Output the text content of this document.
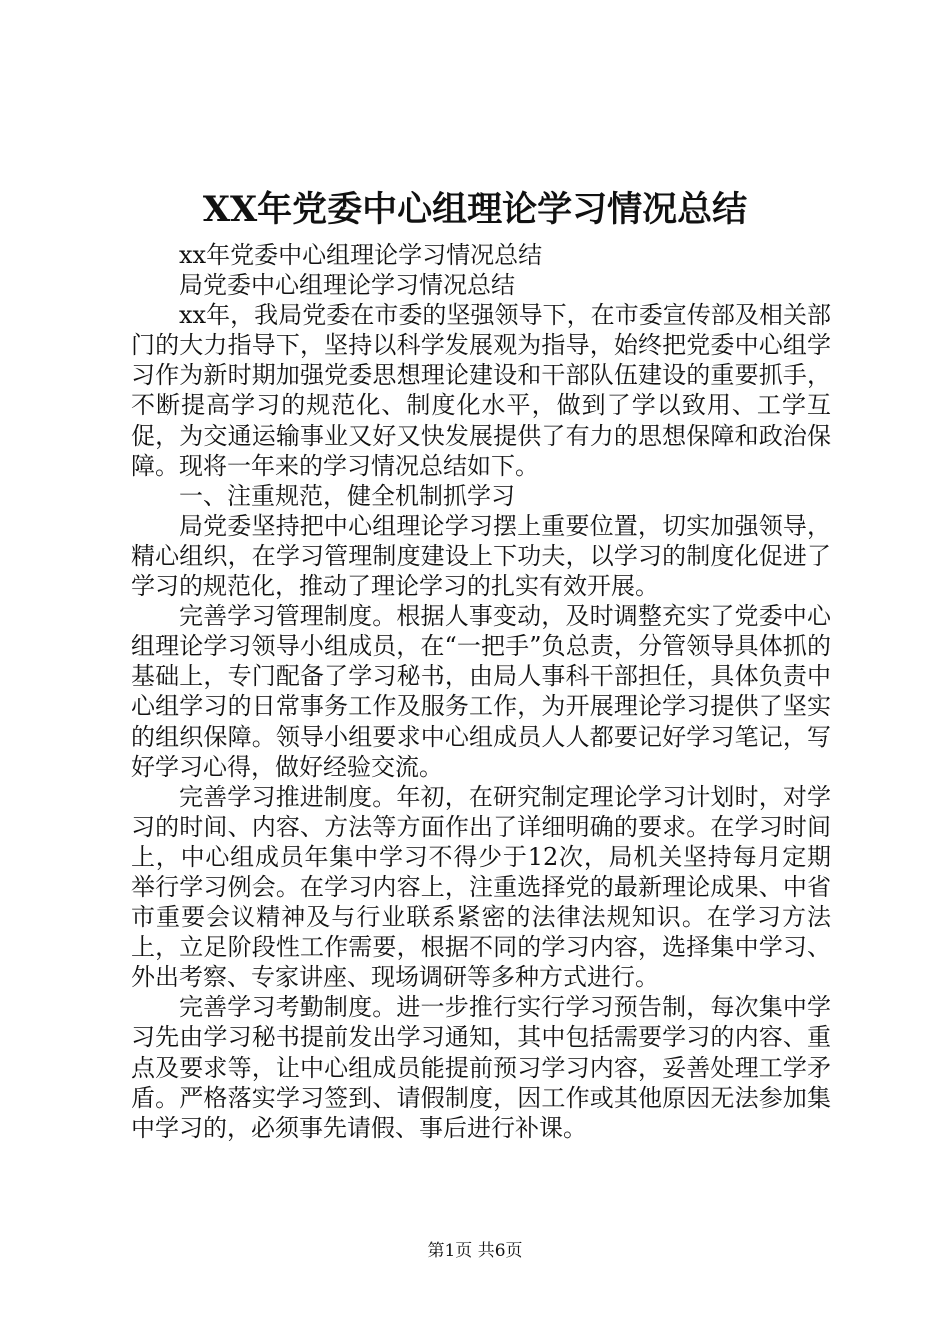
XX年党委中心组理论学习情况总结

xx年党委中心组理论学习情况总结

局党委中心组理论学习情况总结

xx年，我局党委在市委的坚强领导下，在市委宣传部及相关部门的大力指导下，坚持以科学发展观为指导，始终把党委中心组学习作为新时期加强党委思想理论建设和干部队伍建设的重要抓手，不断提高学习的规范化、制度化水平，做到了学以致用、工学互促，为交通运输事业又好又快发展提供了有力的思想保障和政治保障。现将一年来的学习情况总结如下。

一、注重规范，健全机制抓学习

局党委坚持把中心组理论学习摆上重要位置，切实加强领导，精心组织，在学习管理制度建设上下功夫，以学习的制度化促进了学习的规范化，推动了理论学习的扎实有效开展。

完善学习管理制度。根据人事变动，及时调整充实了党委中心组理论学习领导小组成员，在“一把手”负总责，分管领导具体抓的基础上，专门配备了学习秘书，由局人事科干部担任，具体负责中心组学习的日常事务工作及服务工作，为开展理论学习提供了坚实的组织保障。领导小组要求中心组成员人人都要记好学习笔记，写好学习心得，做好经验交流。

完善学习推进制度。年初，在研究制定理论学习计划时，对学习的时间、内容、方法等方面作出了详细明确的要求。在学习时间上，中心组成员年集中学习不得少于12次，局机关坚持每月定期举行学习例会。在学习内容上，注重选择党的最新理论成果、中省市重要会议精神及与行业联系紧密的法律法规知识。在学习方法上，立足阶段性工作需要，根据不同的学习内容，选择集中学习、外出考察、专家讲座、现场调研等多种方式进行。

完善学习考勤制度。进一步推行实行学习预告制，每次集中学习先由学习秘书提前发出学习通知，其中包括需要学习的内容、重点及要求等，让中心组成员能提前预习学习内容，妥善处理工学矛盾。严格落实学习签到、请假制度，因工作或其他原因无法参加集中学习的，必须事先请假、事后进行补课。

第1页 共6页
